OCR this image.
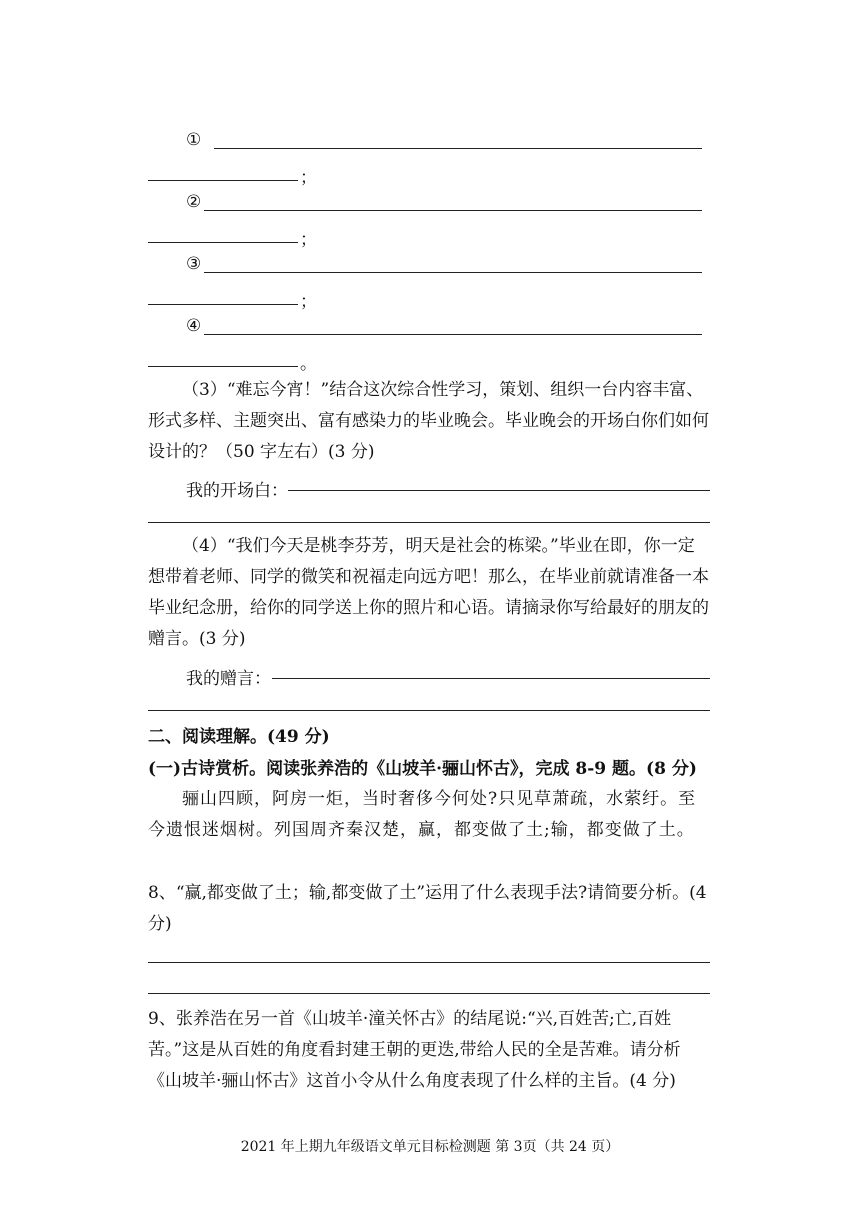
①
；
②
；
③
；
④
。
（3）“难忘今宵！”结合这次综合性学习，策划、组织一台内容丰富、形式多样、主题突出、富有感染力的毕业晚会。毕业晚会的开场白你们如何设计的？（50 字左右）(3 分)
我的开场白：
（4）“我们今天是桃李芬芳，明天是社会的栋梁。”毕业在即，你一定想带着老师、同学的微笑和祝福走向远方吧！那么，在毕业前就请准备一本毕业纪念册，给你的同学送上你的照片和心语。请摘录你写给最好的朋友的赠言。(3 分)
我的赠言：
二、阅读理解。(49 分)
(一)古诗赏析。阅读张养浩的《山坡羊·骊山怀古》，完成 8-9 题。(8 分)
骊山四顾，阿房一炬，当时奢侈今何处?只见草萧疏，水萦纡。至今遗恨迷烟树。列国周齐秦汉楚，赢，都变做了土;输，都变做了土。
8、“赢,都变做了土；输,都变做了土”运用了什么表现手法?请简要分析。(4 分)
9、张养浩在另一首《山坡羊·潼关怀古》的结尾说:“兴,百姓苦;亡,百姓苦。”这是从百姓的角度看封建王朝的更迭,带给人民的全是苦难。请分析《山坡羊·骊山怀古》这首小令从什么角度表现了什么样的主旨。(4 分)
2021 年上期九年级语文单元目标检测题 第 3页（共 24 页）
